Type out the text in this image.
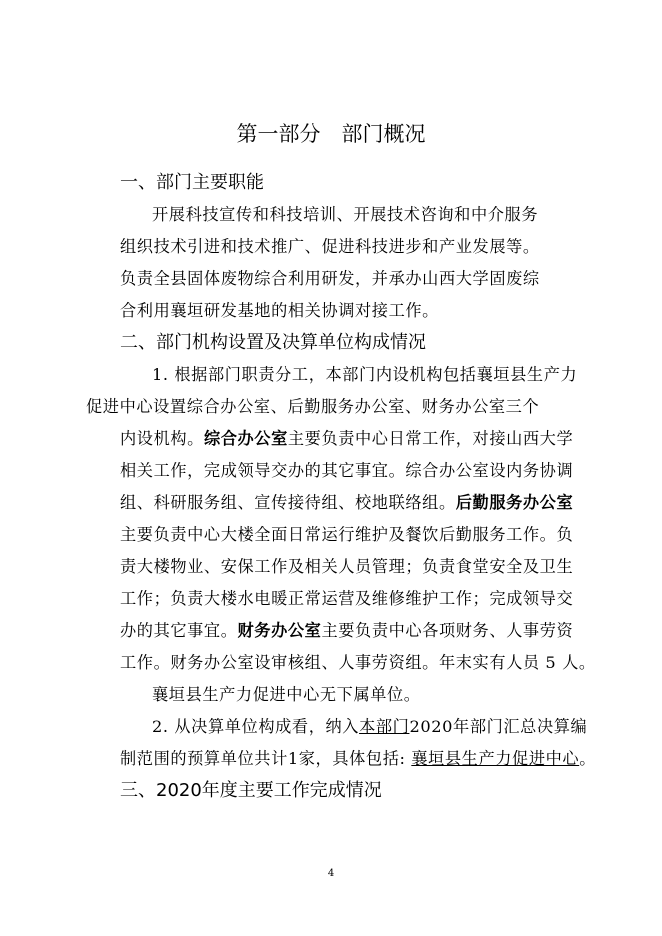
第一部分　部门概况
一、部门主要职能
开展科技宣传和科技培训、开展技术咨询和中介服务
组织技术引进和技术推广、促进科技进步和产业发展等。
负责全县固体废物综合利用研发，并承办山西大学固废综
合利用襄垣研发基地的相关协调对接工作。
二、部门机构设置及决算单位构成情况
1. 根据部门职责分工，本部门内设机构包括襄垣县生产力
促进中心设置综合办公室、后勤服务办公室、财务办公室三个
内设机构。综合办公室主要负责中心日常工作，对接山西大学
相关工作，完成领导交办的其它事宜。综合办公室设内务协调
组、科研服务组、宣传接待组、校地联络组。后勤服务办公室
主要负责中心大楼全面日常运行维护及餐饮后勤服务工作。负
责大楼物业、安保工作及相关人员管理；负责食堂安全及卫生
工作；负责大楼水电暖正常运营及维修维护工作；完成领导交
办的其它事宜。财务办公室主要负责中心各项财务、人事劳资
工作。财务办公室设审核组、人事劳资组。年末实有人员 5 人。
襄垣县生产力促进中心无下属单位。
2. 从决算单位构成看，纳入本部门2020年部门汇总决算编
制范围的预算单位共计1家，具体包括: 襄垣县生产力促进中心。
三、2020年度主要工作完成情况
4
